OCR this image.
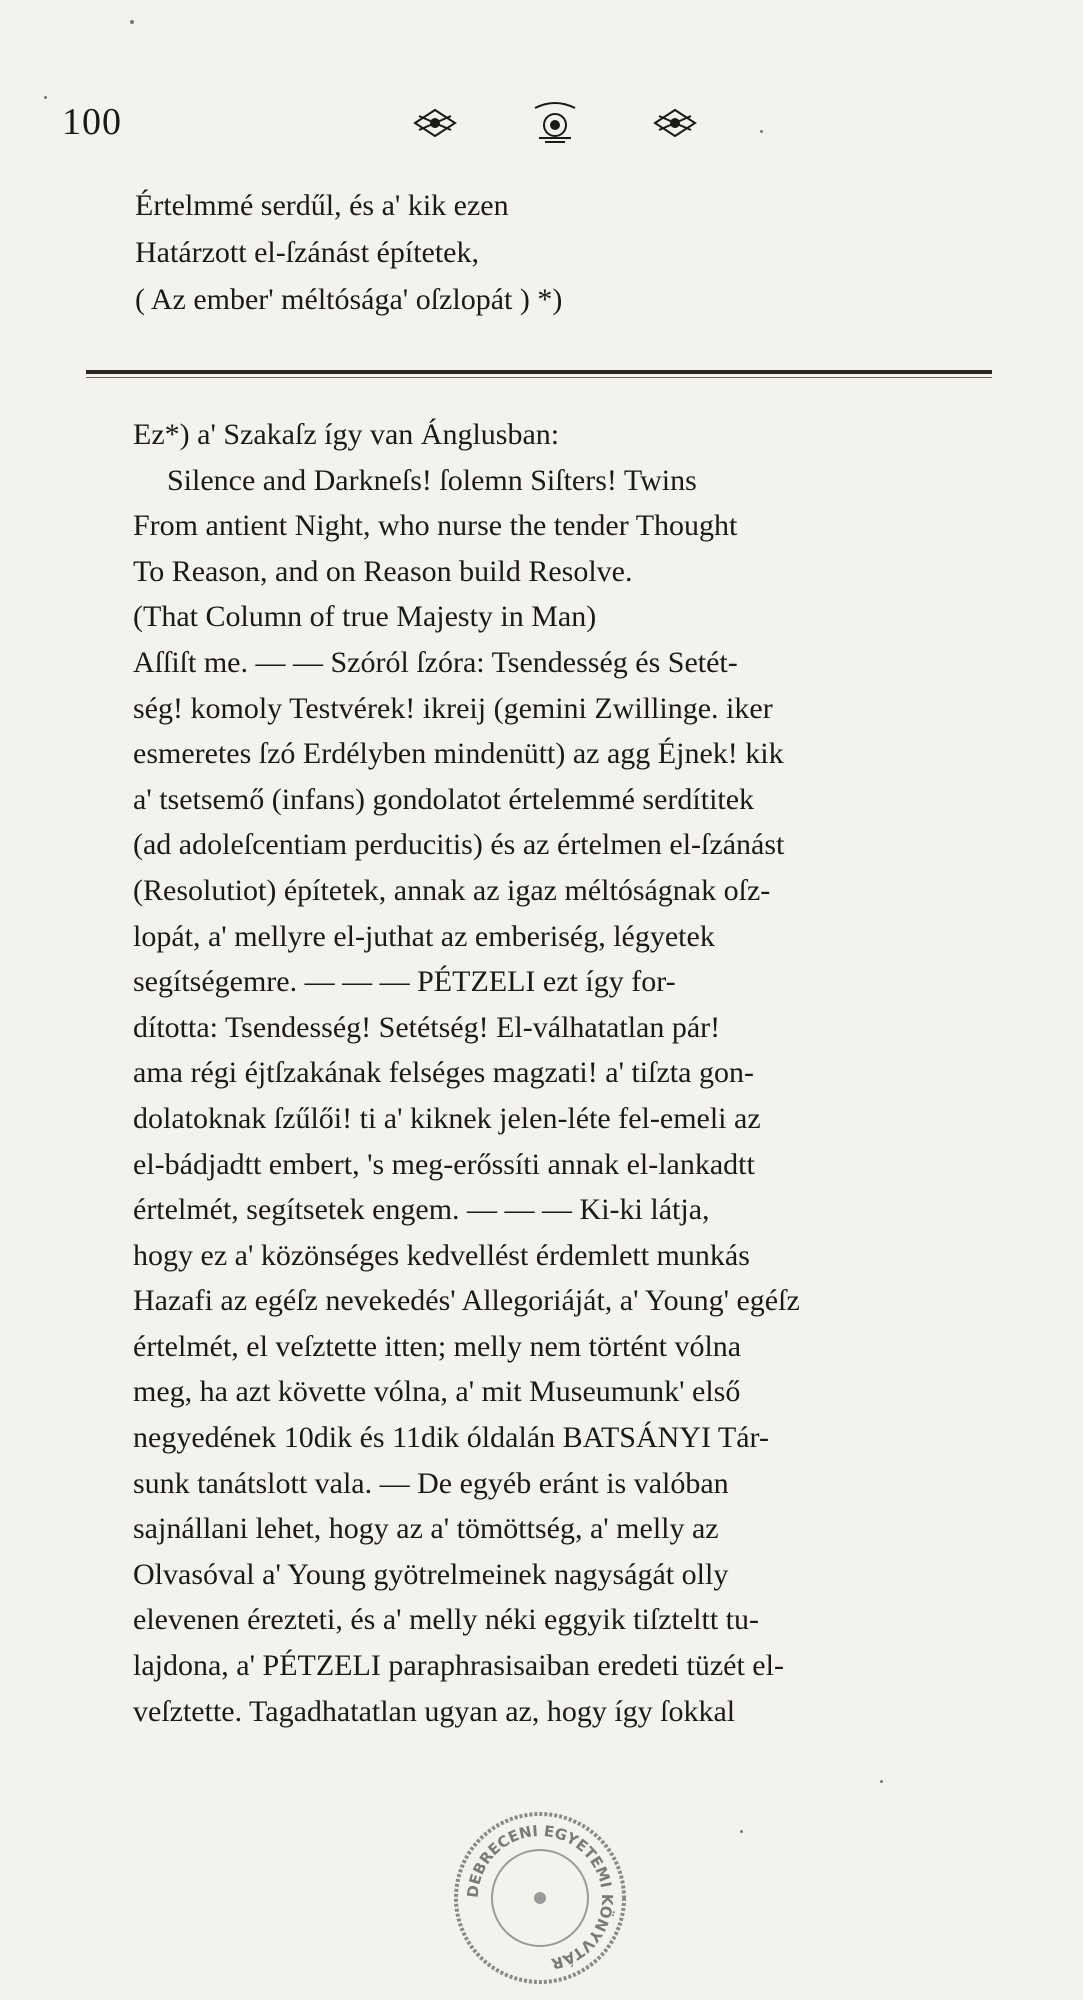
100
Értelmmé serdűl, és a' kik ezen
Határzott el-ſzánást építetek,
( Az ember' méltósága' oſzlopát ) *)
Ez*) a' Szakaſz így van Ánglusban:
Silence and Darkneſs! ſolemn Siſters! Twins
From antient Night, who nurse the tender Thought
To Reason, and on Reason build Resolve.
(That Column of true Majesty in Man)
Aſſiſt me. — — Szóról ſzóra: Tsendesség és Setét-
ség! komoly Testvérek! ikreij (gemini Zwillinge. iker
esmeretes ſzó Erdélyben mindenütt) az agg Éjnek! kik
a' tsetsemő (infans) gondolatot értelemmé serdítitek
(ad adoleſcentiam perducitis) és az értelmen el-ſzánást
(Resolutiot) építetek, annak az igaz méltóságnak oſz-
lopát, a' mellyre el-juthat az emberiség, légyetek
segítségemre. — — — PÉTZELI ezt így for-
dította: Tsendesség! Setétség! El-válhatatlan pár!
ama régi éjtſzakának felséges magzati! a' tiſzta gon-
dolatoknak ſzűlői! ti a' kiknek jelen-léte fel-emeli az
el-bádjadtt embert, 's meg-erőssíti annak el-lankadtt
értelmét, segítsetek engem. — — — Ki-ki látja,
hogy ez a' közönséges kedvellést érdemlett munkás
Hazafi az egéſz nevekedés' Allegoriáját, a' Young' egéſz
értelmét, el veſztette itten; melly nem történt vólna
meg, ha azt követte vólna, a' mit Museumunk' első
negyedének 10dik és 11dik óldalán BATSÁNYI Tár-
sunk tanátslott vala. — De egyéb eránt is valóban
sajnállani lehet, hogy az a' tömöttség, a' melly az
Olvasóval a' Young gyötrelmeinek nagyságát olly
elevenen érezteti, és a' melly néki eggyik tiſzteltt tu-
lajdona, a' PÉTZELI paraphrasisaiban eredeti tüzét el-
veſztette. Tagadhatatlan ugyan az, hogy így ſokkal
DEBRECENI EGYETEMI KÖNYVTÁR
